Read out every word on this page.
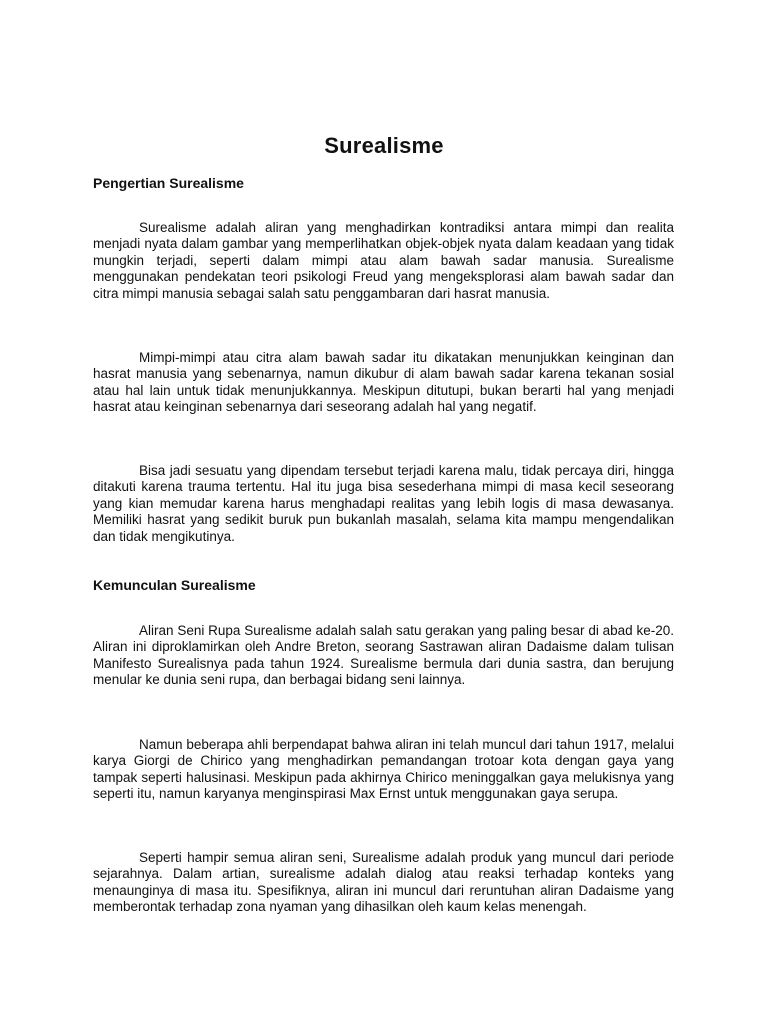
Surealisme
Pengertian Surealisme

Surealisme adalah aliran yang menghadirkan kontradiksi antara mimpi dan realita menjadi nyata dalam gambar yang memperlihatkan objek-objek nyata dalam keadaan yang tidak mungkin terjadi, seperti dalam mimpi atau alam bawah sadar manusia. Surealisme menggunakan pendekatan teori psikologi Freud yang mengeksplorasi alam bawah sadar dan citra mimpi manusia sebagai salah satu penggambaran dari hasrat manusia.

Mimpi-mimpi atau citra alam bawah sadar itu dikatakan menunjukkan keinginan dan hasrat manusia yang sebenarnya, namun dikubur di alam bawah sadar karena tekanan sosial atau hal lain untuk tidak menunjukkannya. Meskipun ditutupi, bukan berarti hal yang menjadi hasrat atau keinginan sebenarnya dari seseorang adalah hal yang negatif.

Bisa jadi sesuatu yang dipendam tersebut terjadi karena malu, tidak percaya diri, hingga ditakuti karena trauma tertentu. Hal itu juga bisa sesederhana mimpi di masa kecil seseorang yang kian memudar karena harus menghadapi realitas yang lebih logis di masa dewasanya. Memiliki hasrat yang sedikit buruk pun bukanlah masalah, selama kita mampu mengendalikan dan tidak mengikutinya.

Kemunculan Surealisme

Aliran Seni Rupa Surealisme adalah salah satu gerakan yang paling besar di abad ke-20. Aliran ini diproklamirkan oleh Andre Breton, seorang Sastrawan aliran Dadaisme dalam tulisan Manifesto Surealisnya pada tahun 1924. Surealisme bermula dari dunia sastra, dan berujung menular ke dunia seni rupa, dan berbagai bidang seni lainnya.

Namun beberapa ahli berpendapat bahwa aliran ini telah muncul dari tahun 1917, melalui karya Giorgi de Chirico yang menghadirkan pemandangan trotoar kota dengan gaya yang tampak seperti halusinasi. Meskipun pada akhirnya Chirico meninggalkan gaya melukisnya yang seperti itu, namun karyanya menginspirasi Max Ernst untuk menggunakan gaya serupa.

Seperti hampir semua aliran seni, Surealisme adalah produk yang muncul dari periode sejarahnya. Dalam artian, surealisme adalah dialog atau reaksi terhadap konteks yang menaunginya di masa itu. Spesifiknya, aliran ini muncul dari reruntuhan aliran Dadaisme yang memberontak terhadap zona nyaman yang dihasilkan oleh kaum kelas menengah.
